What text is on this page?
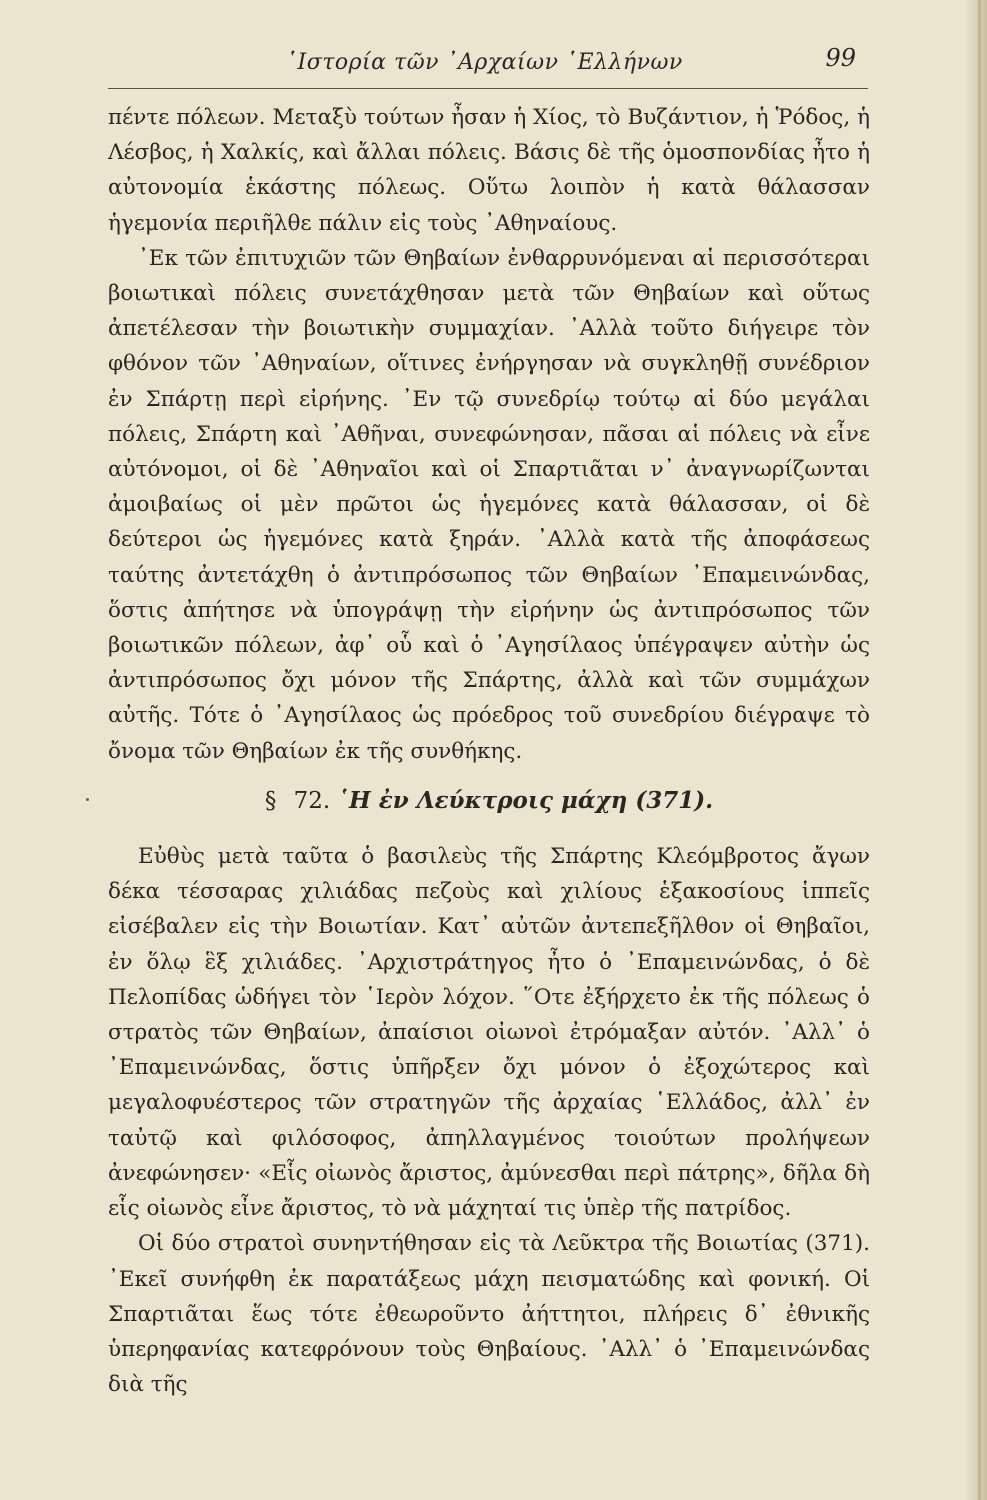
῾Ιστορία τῶν ᾿Αρχαίων ῾Ελλήνων	99

πέντε πόλεων. Μεταξὺ τούτων ἦσαν ἡ Χίος, τὸ Βυζάντιον, ἡ Ῥόδος, ἡ Λέσβος, ἡ Χαλκίς, καὶ ἄλλαι πόλεις. Βάσις δὲ τῆς ὁμοσπονδίας ἦτο ἡ αὐτονομία ἑκάστης πόλεως. Οὕτω λοιπὸν ἡ κατὰ θάλασσαν ἡγεμονία περιῆλθε πάλιν εἰς τοὺς ᾿Αθηναίους.

᾿Εκ τῶν ἐπιτυχιῶν τῶν Θηβαίων ἐνθαρρυνόμεναι αἱ περισσότεραι βοιωτικαὶ πόλεις συνετάχθησαν μετὰ τῶν Θηβαίων καὶ οὕτως ἀπετέλεσαν τὴν βοιωτικὴν συμμαχίαν. ᾿Αλλὰ τοῦτο διήγειρε τὸν φθόνον τῶν ᾿Αθηναίων, οἵτινες ἐνήργησαν νὰ συγκληθῇ συνέδριον ἐν Σπάρτῃ περὶ εἰρήνης. ᾿Εν τῷ συνεδρίῳ τούτῳ αἱ δύο μεγάλαι πόλεις, Σπάρτη καὶ ᾿Αθῆναι, συνεφώνησαν, πᾶσαι αἱ πόλεις νὰ εἶνε αὐτόνομοι, οἱ δὲ ᾿Αθηναῖοι καὶ οἱ Σπαρτιᾶται ν᾿ ἀναγνωρίζωνται ἀμοιβαίως οἱ μὲν πρῶτοι ὡς ἡγεμόνες κατὰ θάλασσαν, οἱ δὲ δεύτεροι ὡς ἡγεμόνες κατὰ ξηράν. ᾿Αλλὰ κατὰ τῆς ἀποφάσεως ταύτης ἀντετάχθη ὁ ἀντιπρόσωπος τῶν Θηβαίων ᾿Επαμεινώνδας, ὅστις ἀπήτησε νὰ ὑπογράψῃ τὴν εἰρήνην ὡς ἀντιπρόσωπος τῶν βοιωτικῶν πόλεων, ἀφ᾿ οὗ καὶ ὁ ᾿Αγησίλαος ὑπέγραψεν αὐτὴν ὡς ἀντιπρόσωπος ὄχι μόνον τῆς Σπάρτης, ἀλλὰ καὶ τῶν συμμάχων αὐτῆς. Τότε ὁ ᾿Αγησίλαος ὡς πρόεδρος τοῦ συνεδρίου διέγραψε τὸ ὄνομα τῶν Θηβαίων ἐκ τῆς συνθήκης.

§ 72. ῾Η ἐν Λεύκτροις μάχη (371).

Εὐθὺς μετὰ ταῦτα ὁ βασιλεὺς τῆς Σπάρτης Κλεόμβροτος ἄγων δέκα τέσσαρας χιλιάδας πεζοὺς καὶ χιλίους ἑξακοσίους ἱππεῖς εἰσέβαλεν εἰς τὴν Βοιωτίαν. Κατ᾿ αὐτῶν ἀντεπεξῆλθον οἱ Θηβαῖοι, ἐν ὅλῳ ἓξ χιλιάδες. ᾿Αρχιστράτηγος ἦτο ὁ ᾿Επαμεινώνδας, ὁ δὲ Πελοπίδας ὡδήγει τὸν ῾Ιερὸν λόχον. ῞Οτε ἐξήρχετο ἐκ τῆς πόλεως ὁ στρατὸς τῶν Θηβαίων, ἀπαίσιοι οἰωνοὶ ἐτρόμαξαν αὐτόν. ᾿Αλλ᾿ ὁ ᾿Επαμεινώνδας, ὅστις ὑπῆρξεν ὄχι μόνον ὁ ἐξοχώτερος καὶ μεγαλοφυέστερος τῶν στρατηγῶν τῆς ἀρχαίας ῾Ελλάδος, ἀλλ᾿ ἐν ταὐτῷ καὶ φιλόσοφος, ἀπηλλαγμένος τοιούτων προλήψεων ἀνεφώνησεν· «Εἷς οἰωνὸς ἄριστος, ἀμύνεσθαι περὶ πάτρης», δῆλα δὴ εἷς οἰωνὸς εἶνε ἄριστος, τὸ νὰ μάχηταί τις ὑπὲρ τῆς πατρίδος.

Οἱ δύο στρατοὶ συνηντήθησαν εἰς τὰ Λεῦκτρα τῆς Βοιωτίας (371). ᾿Εκεῖ συνήφθη ἐκ παρατάξεως μάχη πεισματώδης καὶ φονική. Οἱ Σπαρτιᾶται ἕως τότε ἐθεωροῦντο ἀήττητοι, πλήρεις δ᾿ ἐθνικῆς ὑπερηφανίας κατεφρόνουν τοὺς Θηβαίους. ᾿Αλλ᾿ ὁ ᾿Επαμεινώνδας διὰ τῆς
